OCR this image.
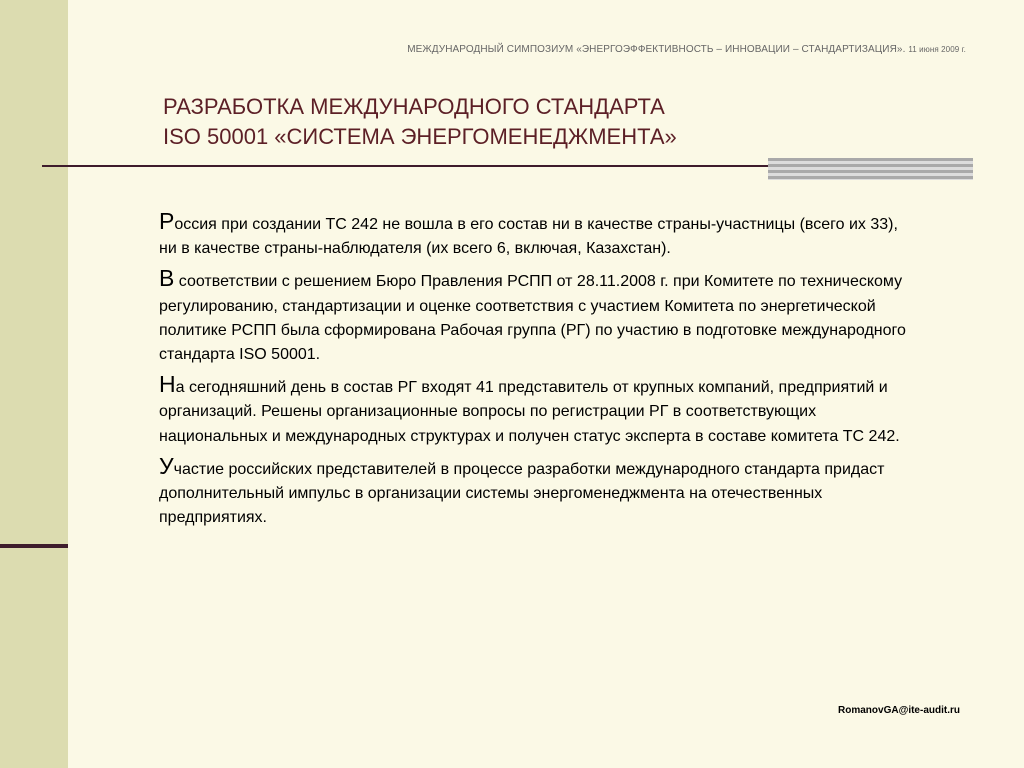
МЕЖДУНАРОДНЫЙ СИМПОЗИУМ «ЭНЕРГОЭФФЕКТИВНОСТЬ – ИННОВАЦИИ – СТАНДАРТИЗАЦИЯ». 11 июня 2009 г.
РАЗРАБОТКА МЕЖДУНАРОДНОГО СТАНДАРТА
ISO 50001 «СИСТЕМА ЭНЕРГОМЕНЕДЖМЕНТА»

Россия при создании ТС 242 не вошла в его состав ни в качестве страны-участницы (всего их 33), ни в качестве страны-наблюдателя (их всего 6, включая, Казахстан).

В соответствии с решением Бюро Правления РСПП от 28.11.2008 г. при Комитете по техническому регулированию, стандартизации и оценке соответствия с участием Комитета по энергетической политике РСПП была сформирована Рабочая группа (РГ) по участию в подготовке международного стандарта ISO 50001.

На сегодняшний день в состав РГ входят 41 представитель от крупных компаний, предприятий и организаций. Решены организационные вопросы по регистрации РГ в соответствующих национальных и международных структурах и получен статус эксперта в составе комитета ТС 242.

Участие российских представителей в процессе разработки международного стандарта придаст дополнительный импульс в организации системы энергоменеджмента на отечественных предприятиях.

RomanovGA@ite-audit.ru
